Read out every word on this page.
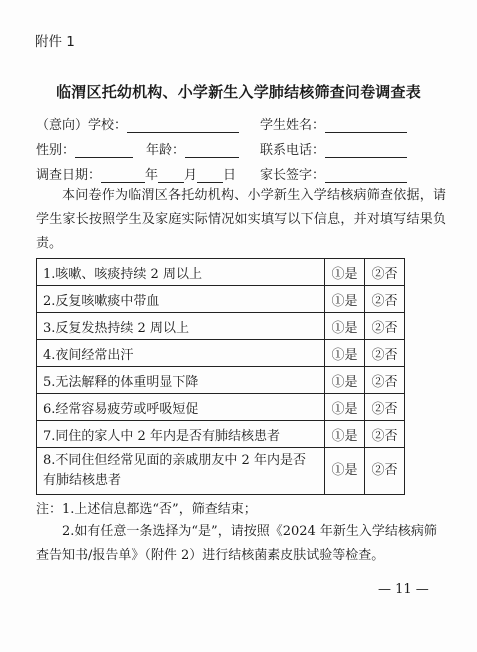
附件 1
临渭区托幼机构、小学新生入学肺结核筛查问卷调查表
（意向）学校：	学生姓名：
性别：	年龄：	联系电话：
调查日期：	年 月 日 家长签字：
本问卷作为临渭区各托幼机构、小学新生入学结核病筛查依据，请学生家长按照学生及家庭实际情况如实填写以下信息，并对填写结果负责。
1.咳嗽、咳痰持续 2 周以上	①是	②否
2.反复咳嗽痰中带血	①是	②否
3.反复发热持续 2 周以上	①是	②否
4.夜间经常出汗	①是	②否
5.无法解释的体重明显下降	①是	②否
6.经常容易疲劳或呼吸短促	①是	②否
7.同住的家人中 2 年内是否有肺结核患者	①是	②否
8.不同住但经常见面的亲戚朋友中 2 年内是否有肺结核患者	①是	②否
注：1.上述信息都选“否”，筛查结束；
2.如有任意一条选择为“是”，请按照《2024 年新生入学结核病筛查告知书/报告单》（附件 2）进行结核菌素皮肤试验等检查。
— 11 —
